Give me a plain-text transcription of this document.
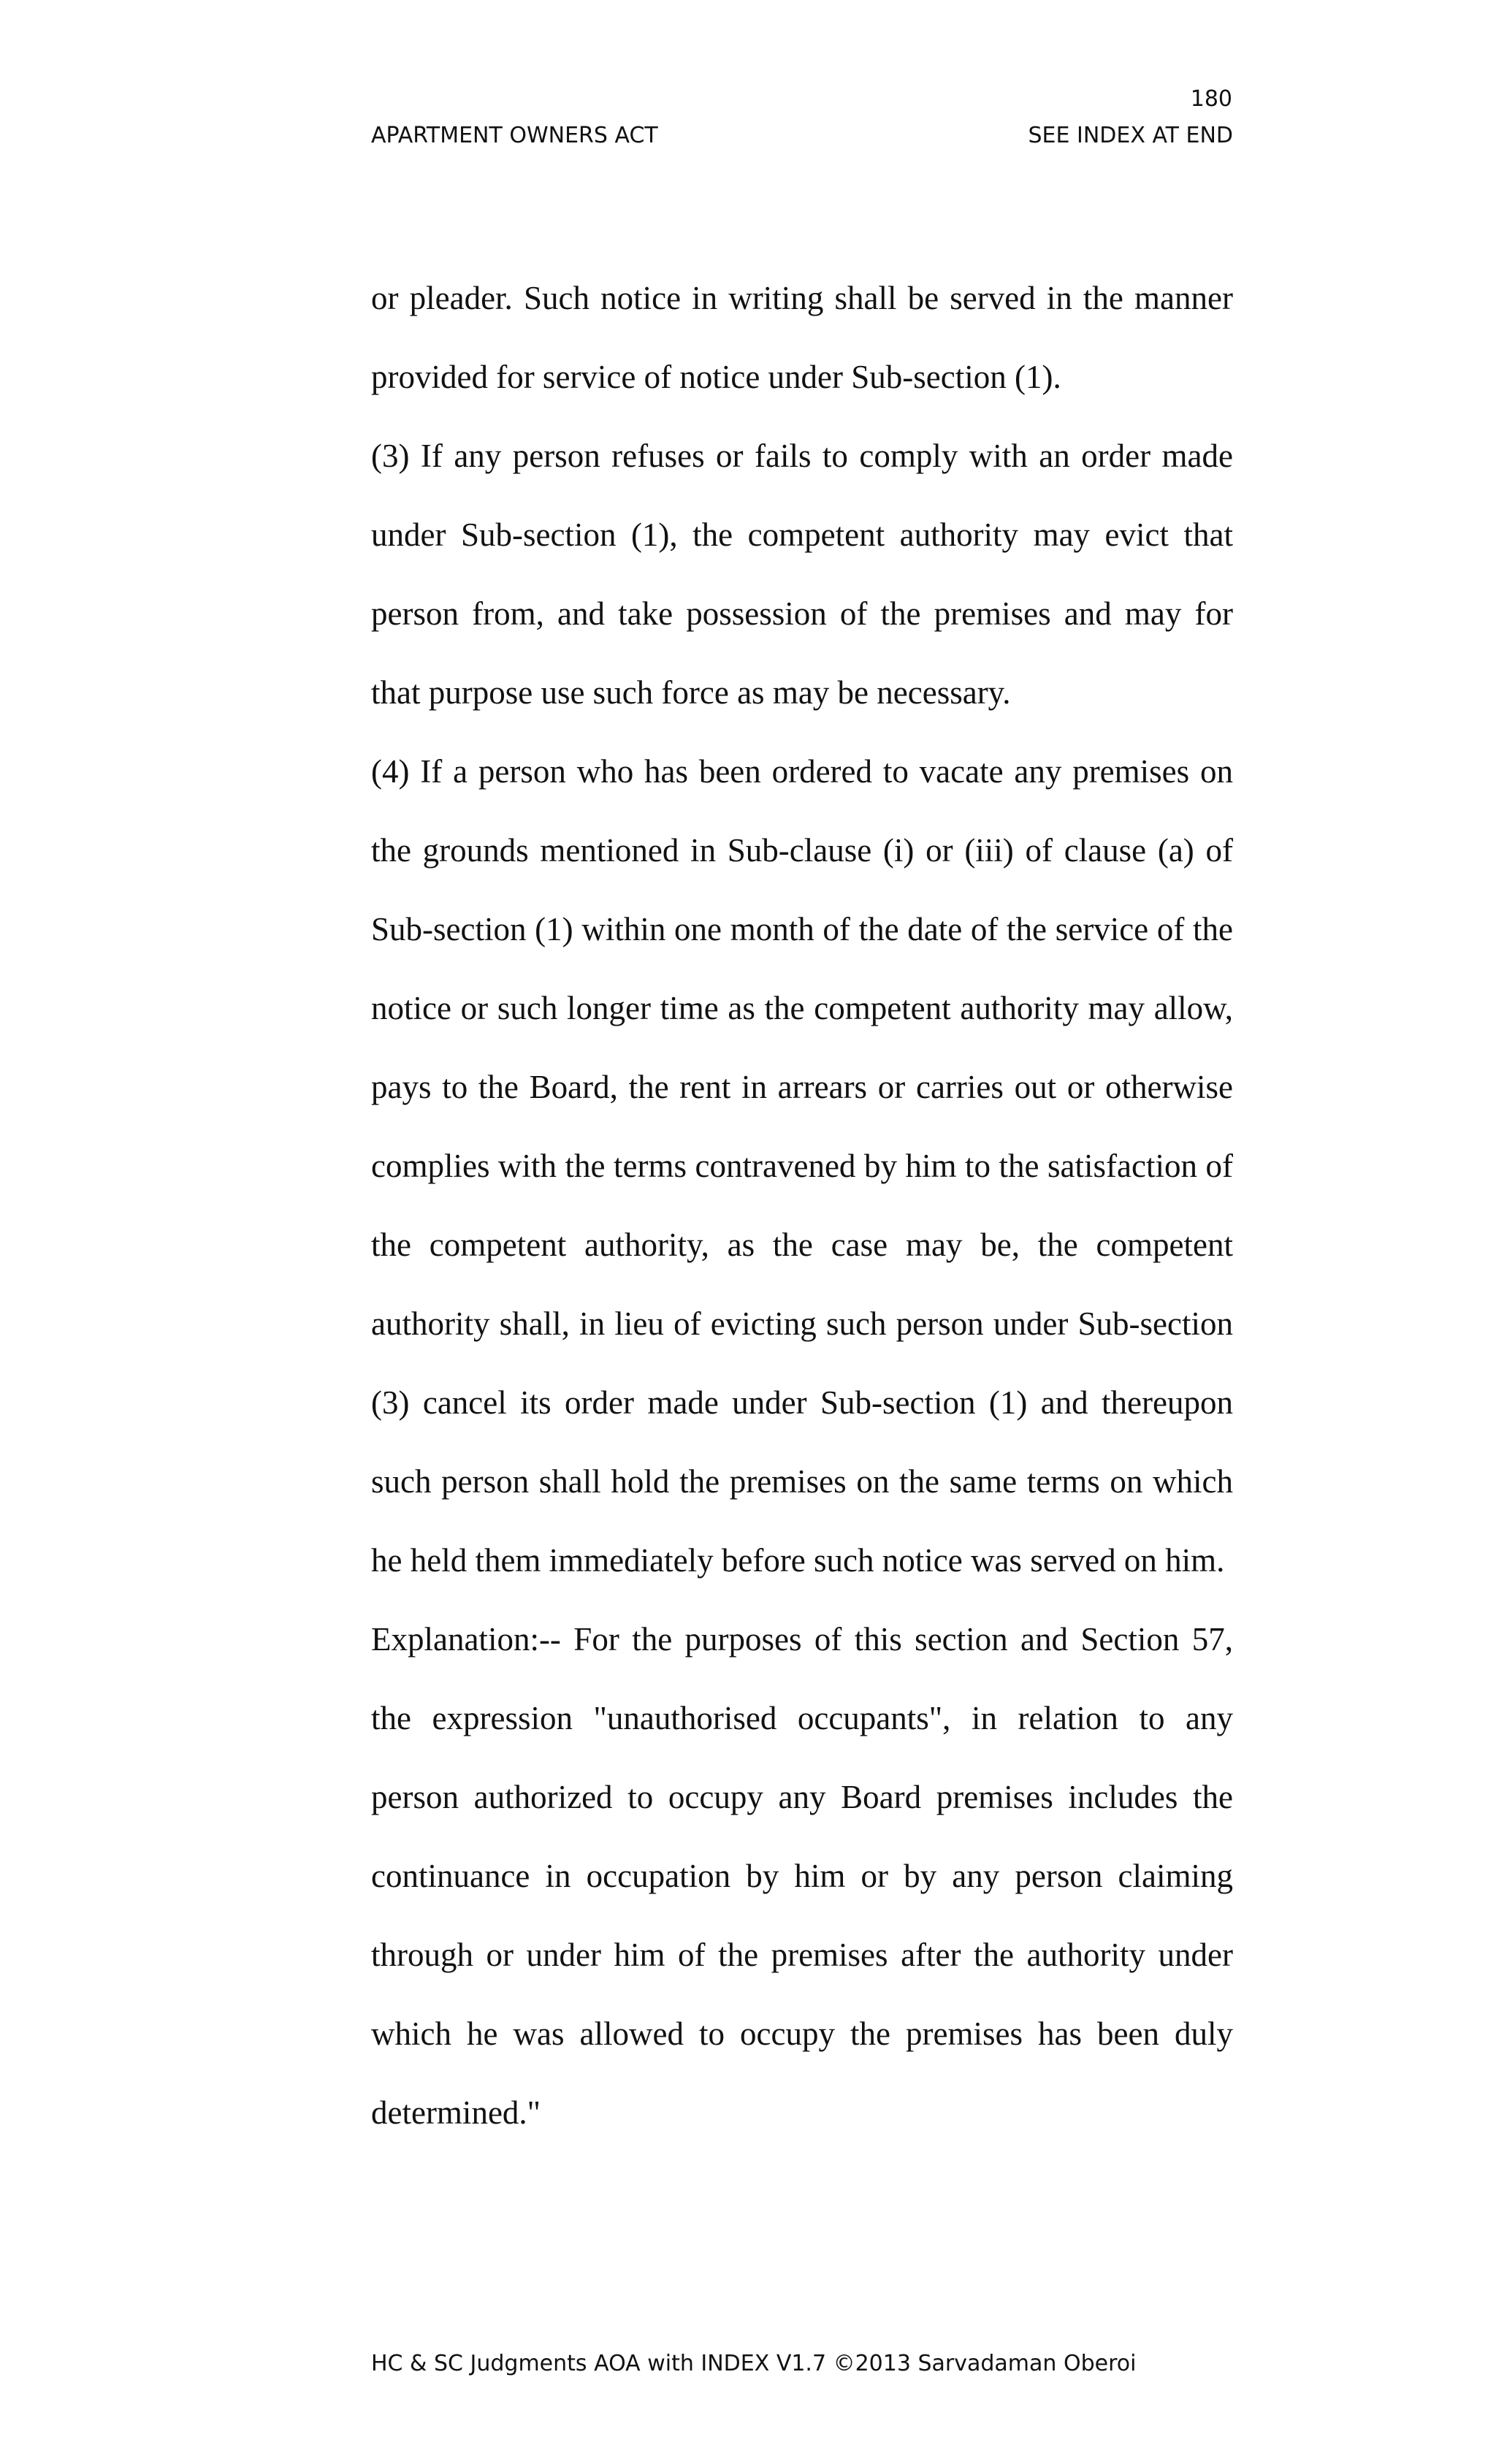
180
APARTMENT OWNERS ACT	SEE INDEX AT END

or pleader. Such notice in writing shall be served in the manner provided for service of notice under Sub-section (1).

(3) If any person refuses or fails to comply with an order made under Sub-section (1), the competent authority may evict that person from, and take possession of the premises and may for that purpose use such force as may be necessary.

(4) If a person who has been ordered to vacate any premises on the grounds mentioned in Sub-clause (i) or (iii) of clause (a) of Sub-section (1) within one month of the date of the service of the notice or such longer time as the competent authority may allow, pays to the Board, the rent in arrears or carries out or otherwise complies with the terms contravened by him to the satisfaction of the competent authority, as the case may be, the competent authority shall, in lieu of evicting such person under Sub-section (3) cancel its order made under Sub-section (1) and thereupon such person shall hold the premises on the same terms on which he held them immediately before such notice was served on him.

Explanation:-- For the purposes of this section and Section 57, the expression "unauthorised occupants", in relation to any person authorized to occupy any Board premises includes the continuance in occupation by him or by any person claiming through or under him of the premises after the authority under which he was allowed to occupy the premises has been duly determined."

HC & SC Judgments AOA with INDEX V1.7 ©2013 Sarvadaman Oberoi
